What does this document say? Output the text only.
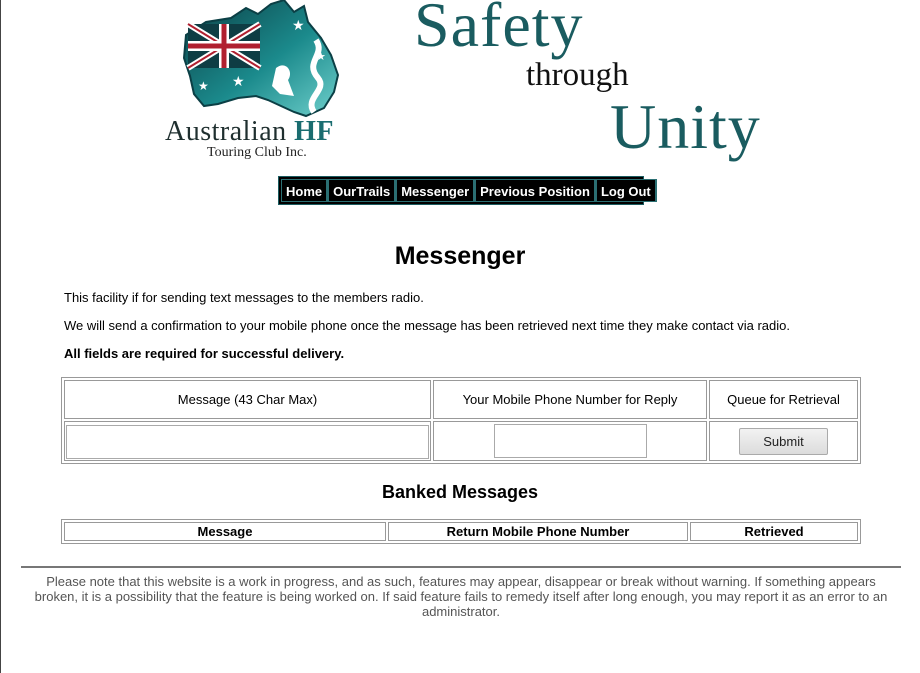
★
★
★
★
Australian HF
Touring Club Inc.
Safety
through
Unity
Home OurTrails Messenger Previous Position Log Out
Messenger
This facility if for sending text messages to the members radio.
We will send a confirmation to your mobile phone once the message has been retrieved next time they make contact via radio.
All fields are required for successful delivery.
Message (43 Char Max)	Your Mobile Phone Number for Reply	Queue for Retrieval
		Submit
Banked Messages
Message	Return Mobile Phone Number	Retrieved
Please note that this website is a work in progress, and as such, features may appear, disappear or break without warning. If something appears broken, it is a possibility that the feature is being worked on. If said feature fails to remedy itself after long enough, you may report it as an error to an administrator.
